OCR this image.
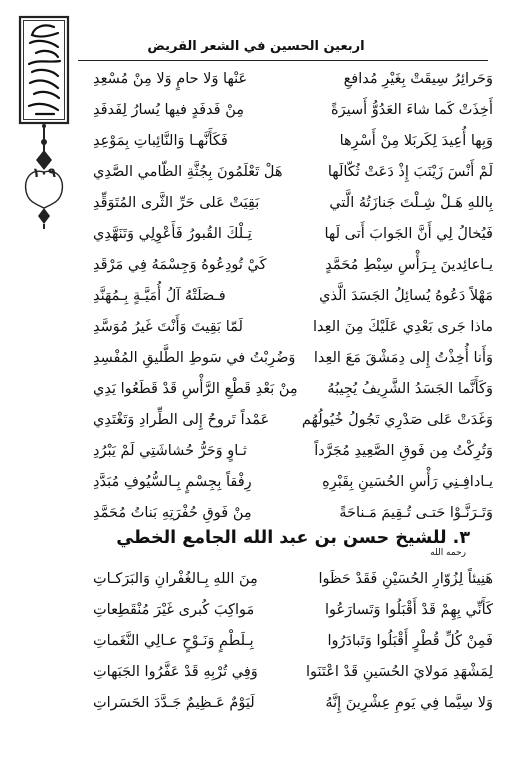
١٠٩
اربعين الحسين في الشعر القريض
وَحَرائِرُ سِيقَتْ بِغَيْرِ مُدافعِ
عَنْها وَلا حامٍ وَلا مِنْ مُسْعِدِ
أَخِذَتْ كَما شاءَ العَدُوُّ أَسيرَةً
مِنْ فَدفَدٍ فيها يُسارُ لِفَدفَدِ
وَبِها أُعِيدَ لِكَربَلا مِنْ أَسْرِها
فَكَأَنَّهـا وَالنَّائِباتِ بِمَوْعِدِ
لَمْ أَنْسَ زَيْنَبَ إِذْ دَعَتْ ثُكّالَها
هَلْ تَعْلَمُونَ بِجُثَّةِ الظّامي الصَّدِي
بِاللهِ هَـلْ شِـلْتَ جَنازَتُهُ الَّتي
بَقِيَتْ عَلى حَرِّ الثَّرى المُتَوَقِّدِ
فَيُخالُ لِي أَنَّ الجَوابَ أَتى لَها
تِـلْكَ القُبورُ فَأَعْوِلِي وَتَنَهَّدِي
يـاعائِدينَ بِـرَأْسِ سِبْطِ مُحَمَّدٍ
كَيْ تُودِعُوهُ وَجِسْمَهُ فِي مَرْقَدِ
مَهْلاً دَعُوهُ يُسائِلُ الجَسَدَ الَّذي
فـصَلَتْهُ آلُ أُمَيَّـةٍ بِـمُهَنَّدِ
ماذا جَرى بَعْدِي عَلَيْكَ مِنَ العِدا
لَمّا بَقِيتَ وَأَنْتَ غَيرُ مُوَسَّدِ
وَأَنا أُخِذْتُ إِلى دِمَشْقَ مَعَ العِدا
وَضُرِبْتُ في سَوطِ الطَّليقِ المُفْسِدِ
وَكَأَنَّما الجَسَدُ الشَّرِيفُ يُجِيبُهُ
مِنْ بَعْدِ قَطْعِ الرَّأْسِ قَدْ قَطَعُوا يَدِي
وَغَدَتْ عَلى صَدْرِي تَجُولُ خُيُولُهُم
عَمْداً تَروحُ إِلى الطِّرادِ وَتَغْتَدِي
وَتُرِكْتُ مِن فَوقِ الصَّعِيدِ مُجَرَّداً
ثـاوٍ وَحَرُّ حُشاشَتِي لَمْ يَبْرُدِ
يـادافِـنِي رَأْسِ الحُسَينِ بِقَبْرِهِ
رِفْقاً بِجِسْمٍ بِـالسُّيُوفِ مُبَدَّدِ
وَتَـرَنَّـوْا حَتـى تُـقِيمَ مَـناحَةً
مِنْ فَوقِ حُفْرَتِهِ بَناتُ مُحَمَّدِ
٣. للشيخ حسن بن عبد الله الجامع الخطي $^{رحمه الله}$
هَنِيئاً لِزُوّارِ الحُسَيْنِ فَقَدْ حَظَوا
مِنَ اللهِ بِـالغُفْرانِ وَالبَرَكـاتِ
كَأَنِّي بِهِمْ قَدْ أَقْبَلُوا وَتَسارَعُوا
مَواكِبَ كُبرى غَيْرَ مُنْقَطِعاتِ
فَمِنْ كُلِّ قُطْرٍ أَقْبَلُوا وَتَبادَرُوا
بِـلَطْمٍ وَنَـوْحٍ عـالِي النَّغَماتِ
لِمَشْهَدِ مَولايَ الحُسَينِ قَدْ اعْتَنَوا
وَفِي تُرْبِهِ قَدْ عَفَّرُوا الجَبَهاتِ
وَلا سِيَّما فِي يَومِ عِشْرِينَ إِنَّهُ
لَيَوْمٌ عَـظِيمٌ جَـدَّدَ الحَسَراتِ
